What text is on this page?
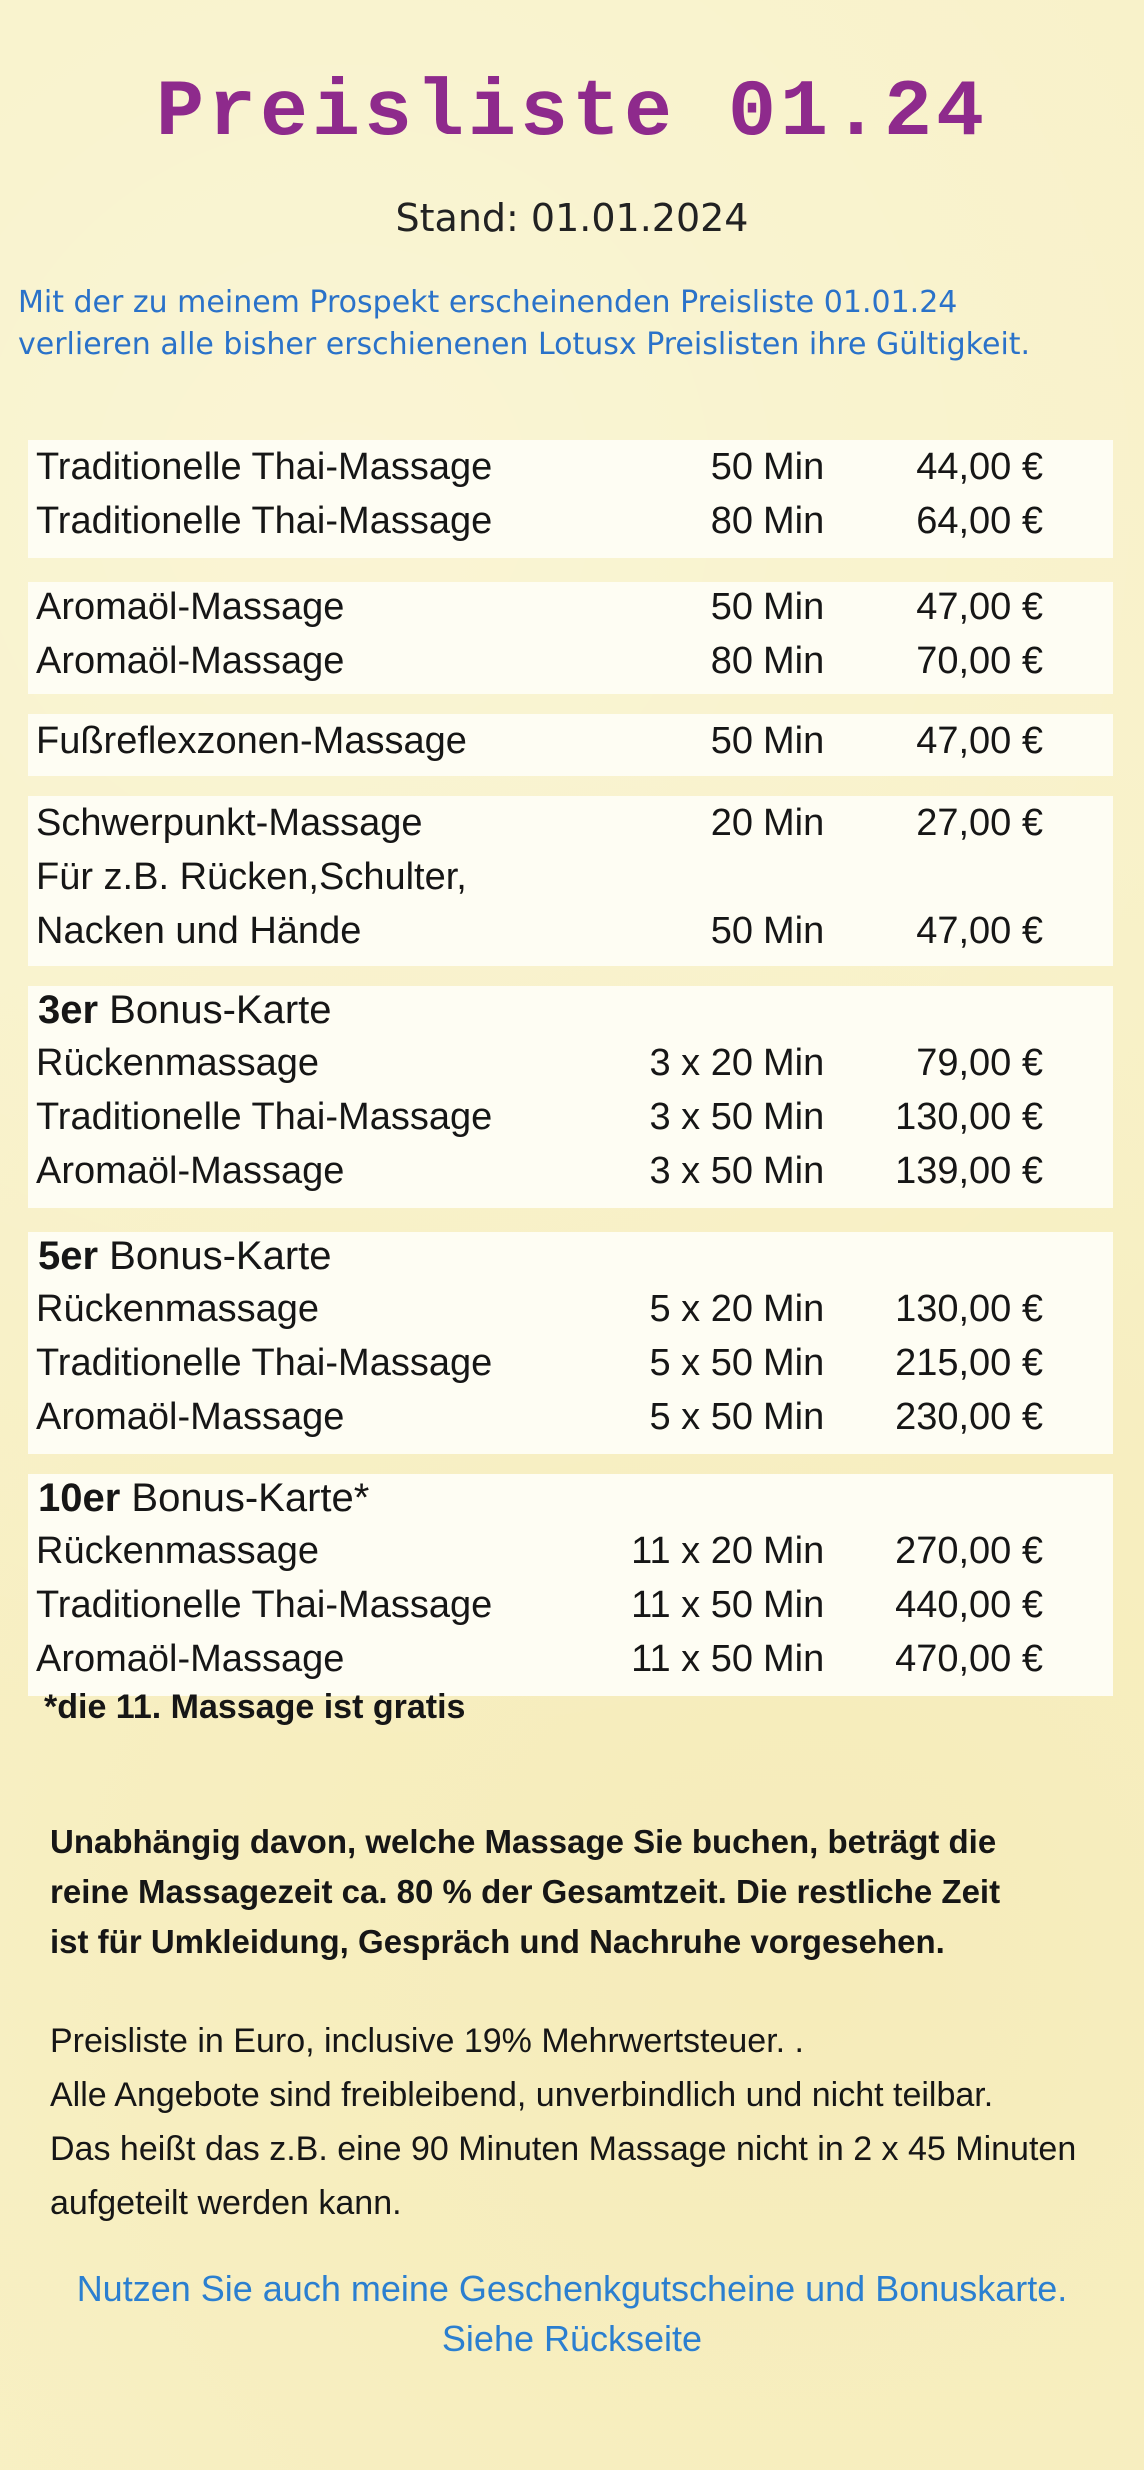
Preisliste 01.24
Stand: 01.01.2024
Mit der zu meinem Prospekt erscheinenden Preisliste 01.01.24
verlieren alle bisher erschienenen Lotusx Preislisten ihre Gültigkeit.
Traditionelle Thai-Massage	50 Min 44,00 €
Traditionelle Thai-Massage	80 Min 64,00 €
Aromaöl-Massage	50 Min 47,00 €
Aromaöl-Massage	80 Min 70,00 €
Fußreflexzonen-Massage	50 Min 47,00 €
Schwerpunkt-Massage	20 Min 27,00 €
Für z.B. Rücken,Schulter,
Nacken und Hände	50 Min 47,00 €
3er Bonus-Karte
Rückenmassage	3 x 20 Min 79,00 €
Traditionelle Thai-Massage	3 x 50 Min 130,00 €
Aromaöl-Massage	3 x 50 Min 139,00 €
5er Bonus-Karte
Rückenmassage	5 x 20 Min 130,00 €
Traditionelle Thai-Massage	5 x 50 Min 215,00 €
Aromaöl-Massage	5 x 50 Min 230,00 €
10er Bonus-Karte*
Rückenmassage	11 x 20 Min 270,00 €
Traditionelle Thai-Massage	11 x 50 Min 440,00 €
Aromaöl-Massage	11 x 50 Min 470,00 €
*die 11. Massage ist gratis
Unabhängig davon, welche Massage Sie buchen, beträgt die
reine Massagezeit ca. 80 % der Gesamtzeit. Die restliche Zeit
ist für Umkleidung, Gespräch und Nachruhe vorgesehen.
Preisliste in Euro, inclusive 19% Mehrwertsteuer. .
Alle Angebote sind freibleibend, unverbindlich und nicht teilbar.
Das heißt das z.B. eine 90 Minuten Massage nicht in 2 x 45 Minuten
aufgeteilt werden kann.
Nutzen Sie auch meine Geschenkgutscheine und Bonuskarte.
Siehe Rückseite
